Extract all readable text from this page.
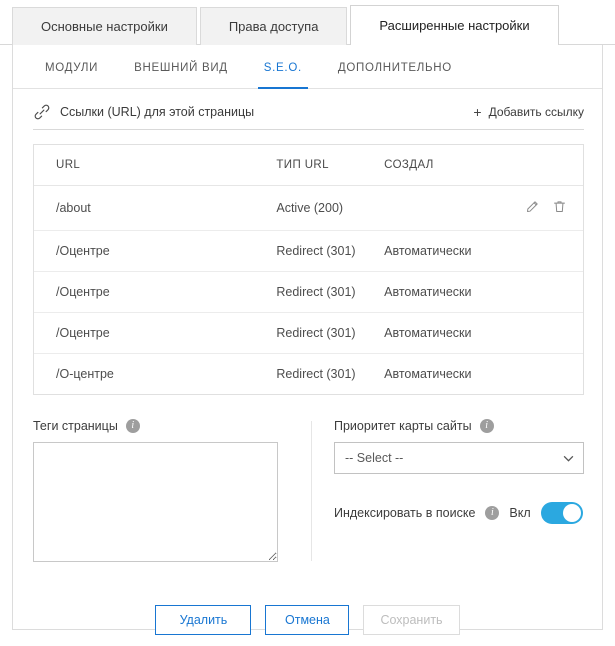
Основные настройки	Права доступа	Расширенные настройки
МОДУЛИ	ВНЕШНИЙ ВИД	S.E.O.	ДОПОЛНИТЕЛЬНО
Ссылки (URL) для этой страницы	+ Добавить ссылку
URL	ТИП URL	СОЗДАЛ	
/about	Active (200)		

/Оцентре	Redirect (301)	Автоматически	
/Оцентре	Redirect (301)	Автоматически	
/Оцентре	Redirect (301)	Автоматически	
/О-центре	Redirect (301)	Автоматически	
Теги страницы	i	Приоритет карты сайты	i
-- Select --
Индексировать в поиске	i	Вкл
Удалить	Отмена	Сохранить
